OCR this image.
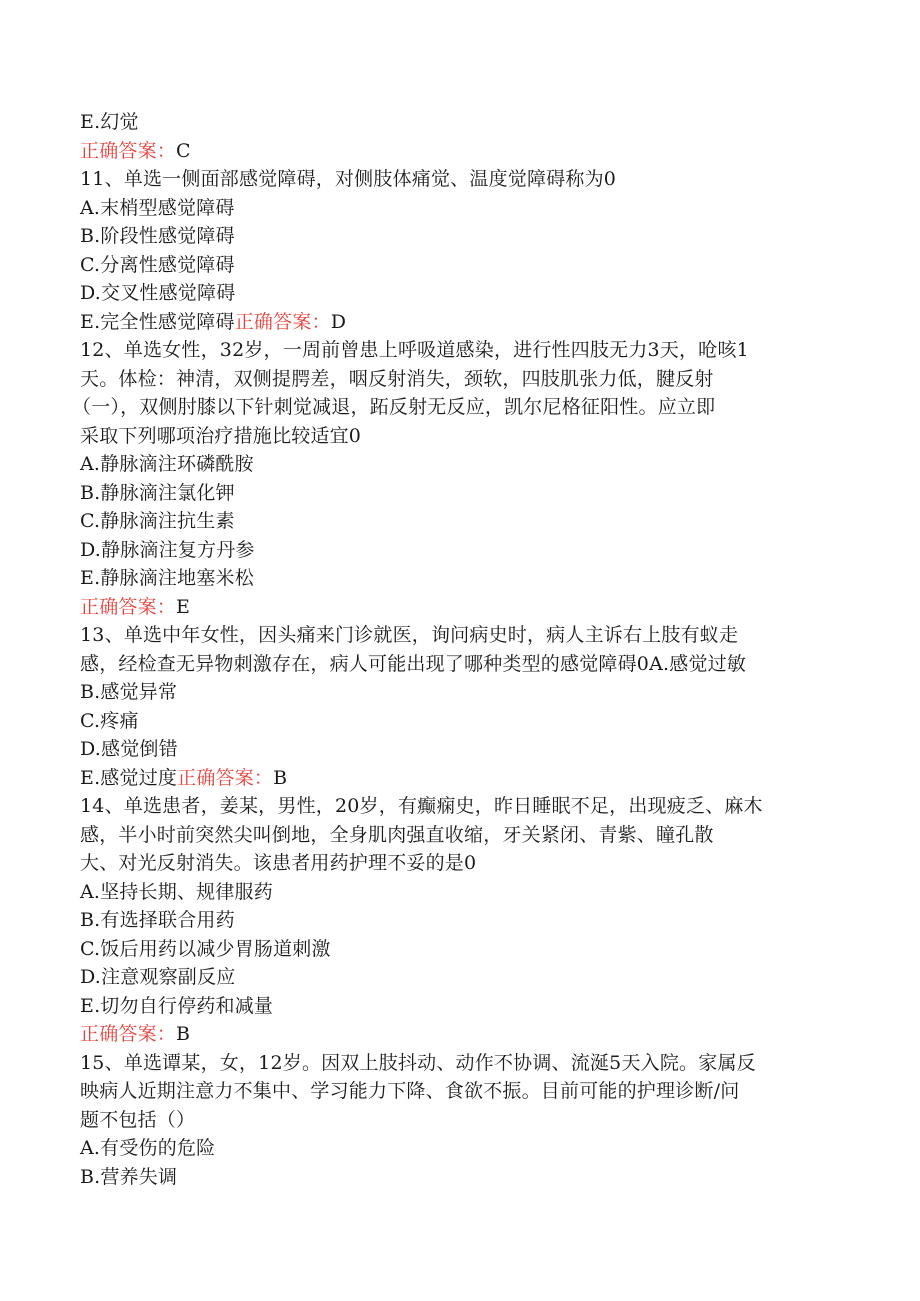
E.幻觉
正确答案：C
11、单选一侧面部感觉障碍，对侧肢体痛觉、温度觉障碍称为0
A.末梢型感觉障碍
B.阶段性感觉障碍
C.分离性感觉障碍
D.交叉性感觉障碍
E.完全性感觉障碍正确答案：D
12、单选女性，32岁，一周前曾患上呼吸道感染，进行性四肢无力3天，呛咳1
天。体检：神清，双侧提腭差，咽反射消失，颈软，四肢肌张力低，腱反射
（一），双侧肘膝以下针刺觉减退，跖反射无反应，凯尔尼格征阳性。应立即
采取下列哪项治疗措施比较适宜0
A.静脉滴注环磷酰胺
B.静脉滴注氯化钾
C.静脉滴注抗生素
D.静脉滴注复方丹参
E.静脉滴注地塞米松
正确答案：E
13、单选中年女性，因头痛来门诊就医，询问病史时，病人主诉右上肢有蚁走
感，经检查无异物刺激存在，病人可能出现了哪种类型的感觉障碍0A.感觉过敏
B.感觉异常
C.疼痛
D.感觉倒错
E.感觉过度正确答案：B
14、单选患者，姜某，男性，20岁，有癫痫史，昨日睡眠不足，出现疲乏、麻木
感，半小时前突然尖叫倒地，全身肌肉强直收缩，牙关紧闭、青紫、瞳孔散
大、对光反射消失。该患者用药护理不妥的是0
A.坚持长期、规律服药
B.有选择联合用药
C.饭后用药以减少胃肠道刺激
D.注意观察副反应
E.切勿自行停药和减量
正确答案：B
15、单选谭某，女，12岁。因双上肢抖动、动作不协调、流涎5天入院。家属反
映病人近期注意力不集中、学习能力下降、食欲不振。目前可能的护理诊断/问
题不包括（）
A.有受伤的危险
B.营养失调
